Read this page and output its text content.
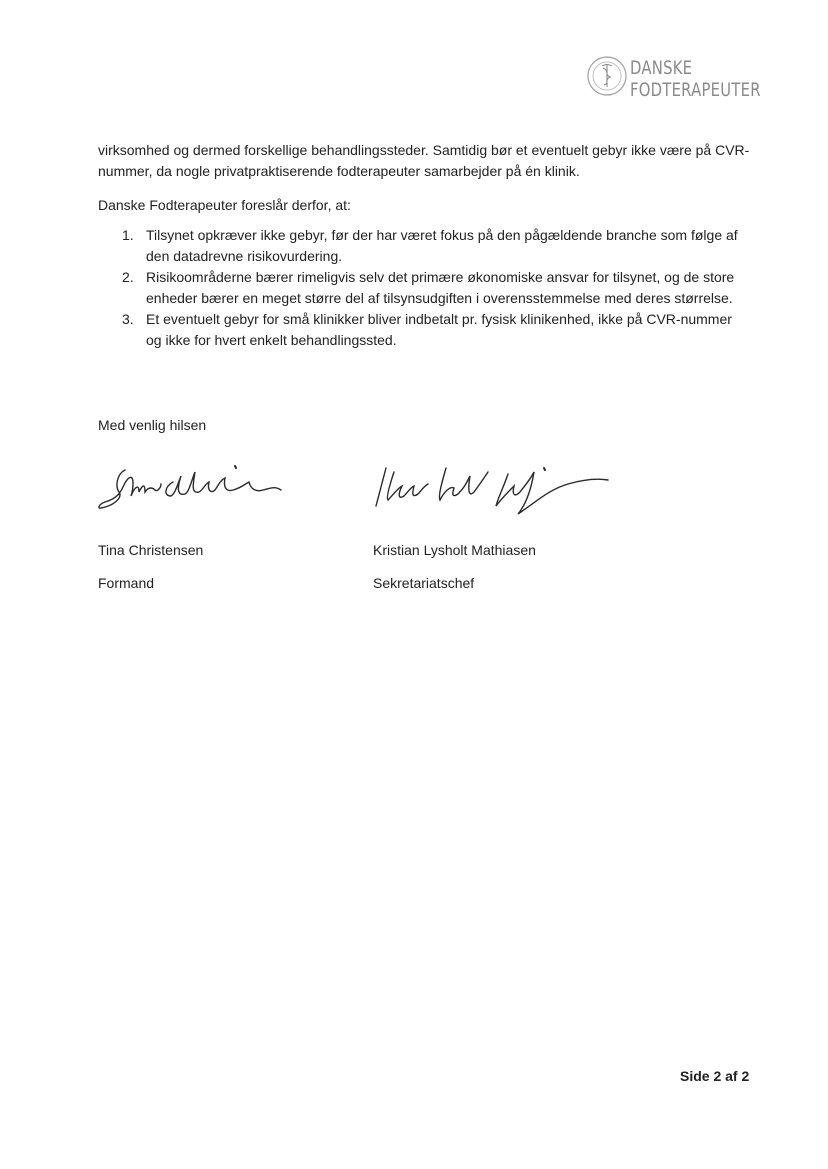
DANSKE
FODTERAPEUTER
virksomhed og dermed forskellige behandlingssteder. Samtidig bør et eventuelt gebyr ikke være på CVR-nummer, da nogle privatpraktiserende fodterapeuter samarbejder på én klinik.
Danske Fodterapeuter foreslår derfor, at:
1. Tilsynet opkræver ikke gebyr, før der har været fokus på den pågældende branche som følge af den datadrevne risikovurdering.
2. Risikoområderne bærer rimeligvis selv det primære økonomiske ansvar for tilsynet, og de store enheder bærer en meget større del af tilsynsudgiften i overensstemmelse med deres størrelse.
3. Et eventuelt gebyr for små klinikker bliver indbetalt pr. fysisk klinikenhed, ikke på CVR-nummer og ikke for hvert enkelt behandlingssted.
Med venlig hilsen
Tina Christensen
Formand
Kristian Lysholt Mathiasen
Sekretariatschef
Side 2 af 2
